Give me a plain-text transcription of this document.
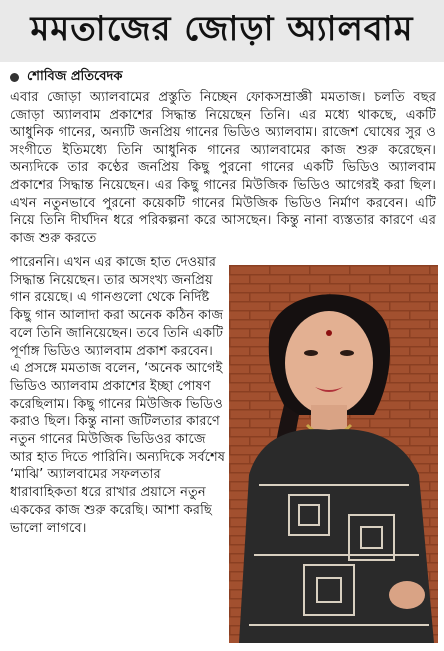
মমতাজের জোড়া অ্যালবাম
শোবিজ প্রতিবেদক

এবার জোড়া অ্যালবামের প্রস্তুতি নিচ্ছেন ফোকসম্রাজ্ঞী মমতাজ। চলতি বছর জোড়া অ্যালবাম প্রকাশের সিদ্ধান্ত নিয়েছেন তিনি। এর মধ্যে থাকছে, একটি আধুনিক গানের, অন্যটি জনপ্রিয় গানের ভিডিও অ্যালবাম। রাজেশ ঘোষের সুর ও সংগীতে ইতিমধ্যে তিনি আধুনিক গানের অ্যালবামের কাজ শুরু করেছেন। অন্যদিকে তার কণ্ঠের জনপ্রিয় কিছু পুরনো গানের একটি ভিডিও অ্যালবাম প্রকাশের সিদ্ধান্ত নিয়েছেন। এর কিছু গানের মিউজিক ভিডিও আগেরই করা ছিল। এখন নতুনভাবে পুরনো কয়েকটি গানের মিউজিক ভিডিও নির্মাণ করবেন। এটি নিয়ে তিনি দীর্ঘদিন ধরে পরিকল্পনা করে আসছেন। কিন্তু নানা ব্যস্ততার কারণে এর কাজ শুরু করতে

পারেননি। এখন এর কাজে হাত দেওয়ার সিদ্ধান্ত নিয়েছেন। তার অসংখ্য জনপ্রিয় গান রয়েছে। এ গানগুলো থেকে নির্দিষ্ট কিছু গান আলাদা করা অনেক কঠিন কাজ বলে তিনি জানিয়েছেন। তবে তিনি একটি পূর্ণাঙ্গ ভিডিও অ্যালবাম প্রকাশ করবেন।

এ প্রসঙ্গে মমতাজ বলেন, ‘অনেক আগেই ভিডিও অ্যালবাম প্রকাশের ইচ্ছা পোষণ করেছিলাম। কিছু গানের মিউজিক ভিডিও করাও ছিল। কিন্তু নানা জটিলতার কারণে নতুন গানের মিউজিক ভিডিওর কাজে আর হাত দিতে পারিনি। অন্যদিকে সর্বশেষ ‘মাঝি’ অ্যালবামের সফলতার ধারাবাহিকতা ধরে রাখার প্রয়াসে নতুন এককের কাজ শুরু করেছি। আশা করছি ভালো লাগবে।
